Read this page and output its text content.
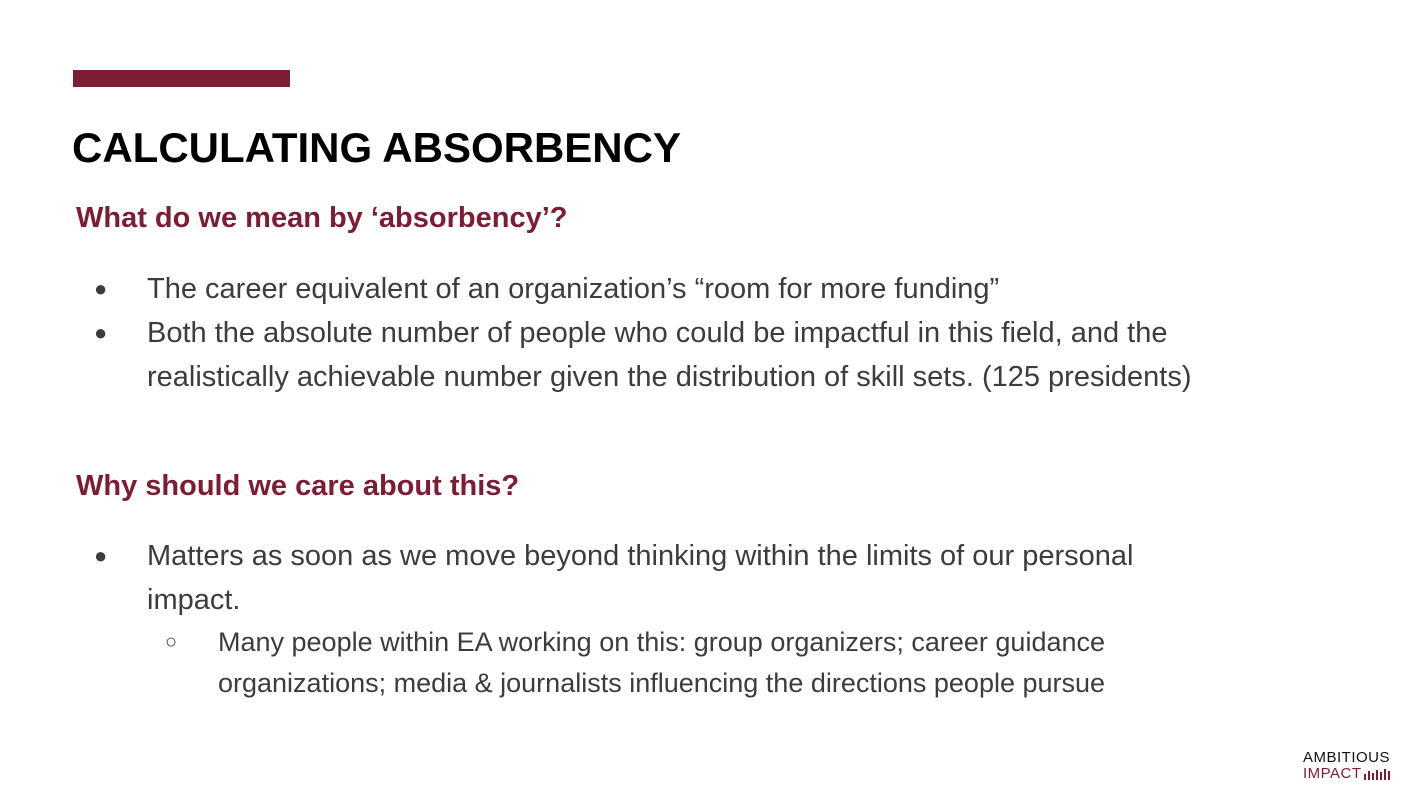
CALCULATING ABSORBENCY
What do we mean by ‘absorbency’?
● The career equivalent of an organization’s “room for more funding”
● Both the absolute number of people who could be impactful in this field, and the realistically achievable number given the distribution of skill sets. (125 presidents)
Why should we care about this?
● Matters as soon as we move beyond thinking within the limits of our personal impact.
○ Many people within EA working on this: group organizers; career guidance organizations; media & journalists influencing the directions people pursue
AMBITIOUS
IMPACT
